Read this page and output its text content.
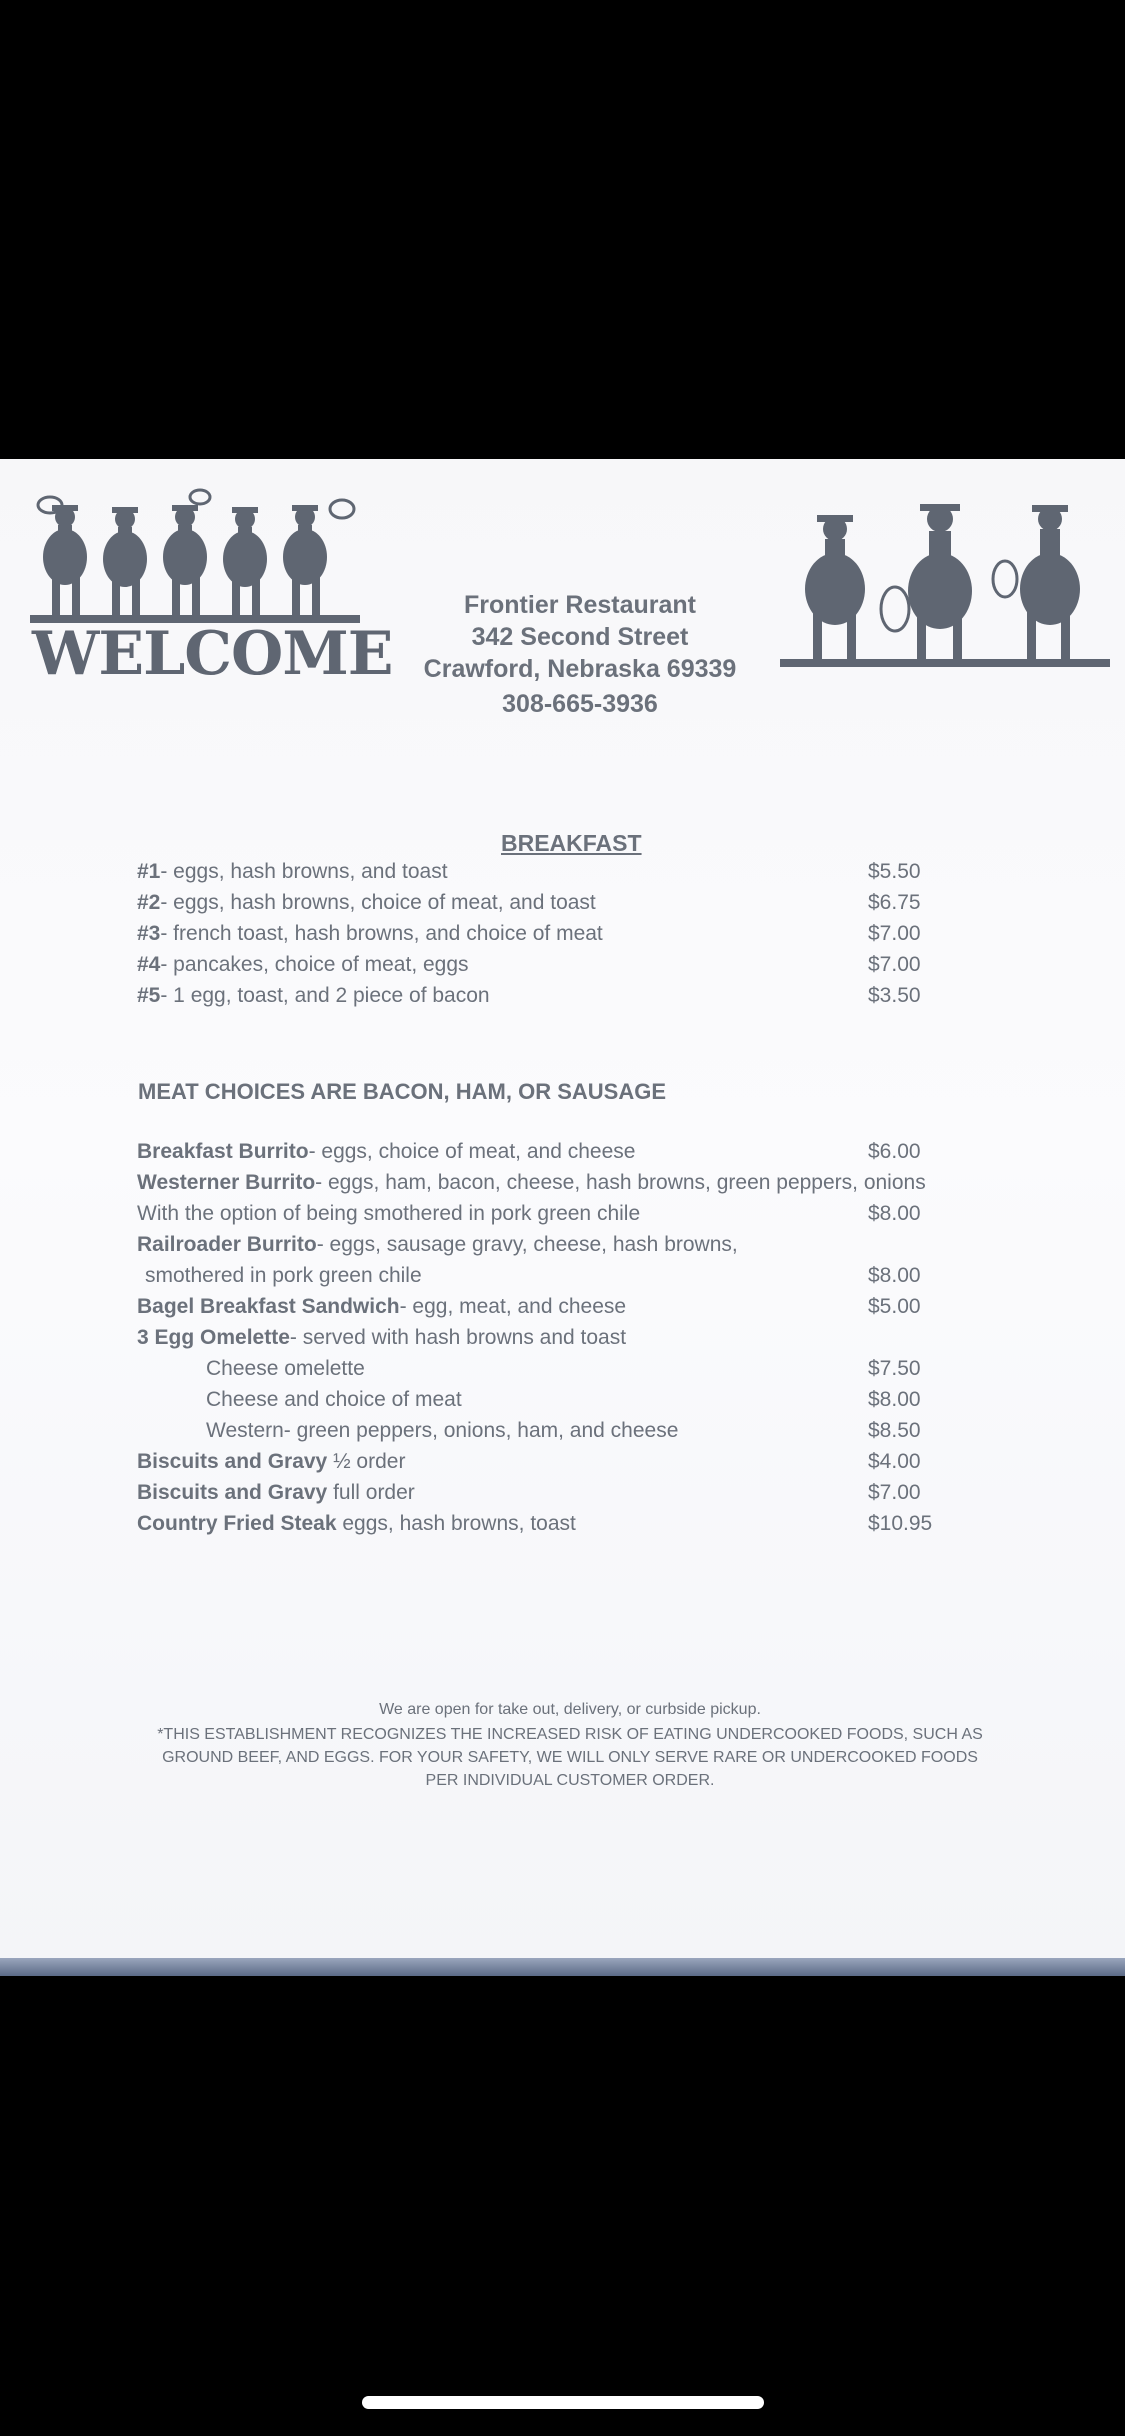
WELCOME
Frontier Restaurant
342 Second Street
Crawford, Nebraska 69339
308-665-3936
BREAKFAST
#1- eggs, hash browns, and toast	$5.50
#2- eggs, hash browns, choice of meat, and toast	$6.75
#3- french toast, hash browns, and choice of meat	$7.00
#4- pancakes, choice of meat, eggs	$7.00
#5- 1 egg, toast, and 2 piece of bacon	$3.50
MEAT CHOICES ARE BACON, HAM, OR SAUSAGE
Breakfast Burrito- eggs, choice of meat, and cheese	$6.00
Westerner Burrito- eggs, ham, bacon, cheese, hash browns, green peppers, onions
With the option of being smothered in pork green chile	$8.00
Railroader Burrito- eggs, sausage gravy, cheese, hash browns,
smothered in pork green chile	$8.00
Bagel Breakfast Sandwich- egg, meat, and cheese	$5.00
3 Egg Omelette- served with hash browns and toast
Cheese omelette	$7.50
Cheese and choice of meat	$8.00
Western- green peppers, onions, ham, and cheese	$8.50
Biscuits and Gravy ½ order	$4.00
Biscuits and Gravy full order	$7.00
Country Fried Steak eggs, hash browns, toast	$10.95
We are open for take out, delivery, or curbside pickup.
*THIS ESTABLISHMENT RECOGNIZES THE INCREASED RISK OF EATING UNDERCOOKED FOODS, SUCH AS
GROUND BEEF, AND EGGS. FOR YOUR SAFETY, WE WILL ONLY SERVE RARE OR UNDERCOOKED FOODS
PER INDIVIDUAL CUSTOMER ORDER.
